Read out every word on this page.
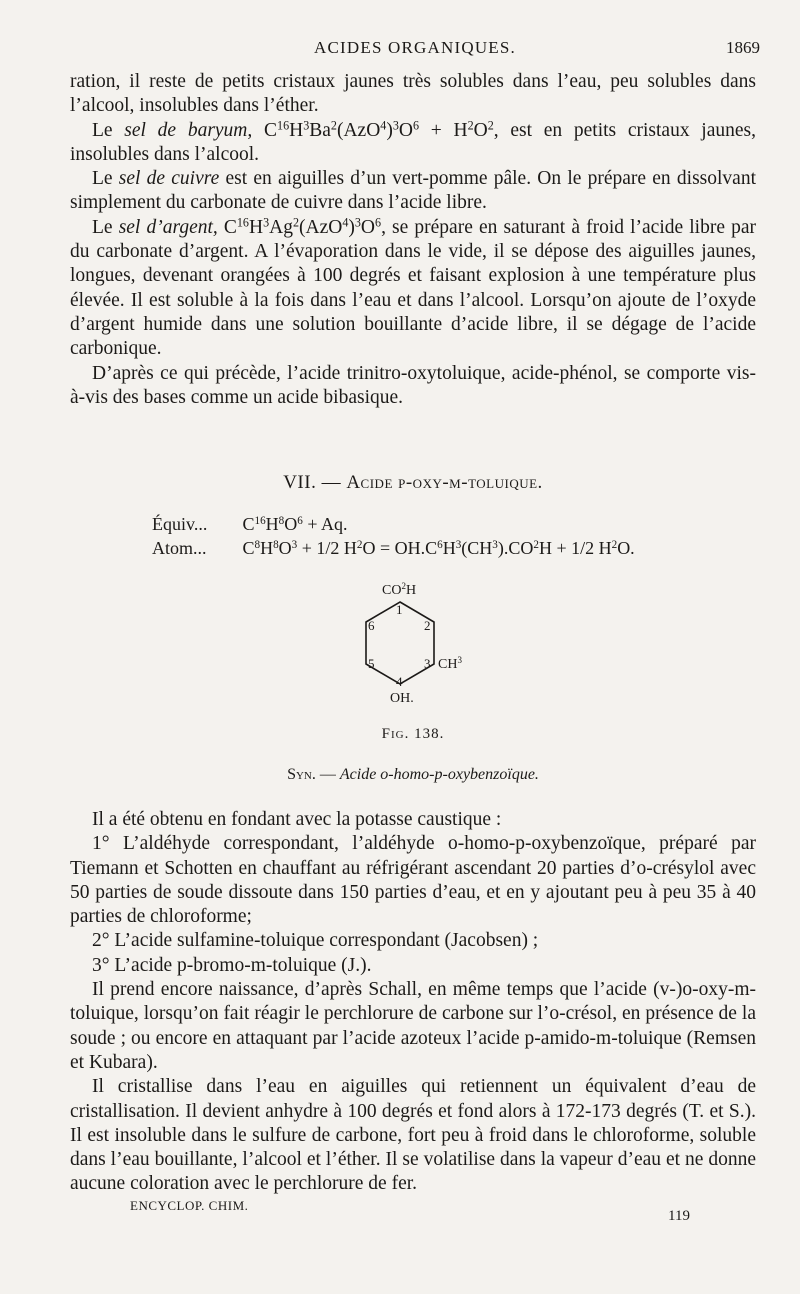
ACIDES ORGANIQUES.	1869

ration, il reste de petits cristaux jaunes très solubles dans l’eau, peu solubles dans l’alcool, insolubles dans l’éther.

Le sel de baryum, $C^{16}H^3Ba^2(AzO^4)^3O^6 + H^2O^2$, est en petits cristaux jaunes, insolubles dans l’alcool.

Le sel de cuivre est en aiguilles d’un vert-pomme pâle. On le prépare en dissolvant simplement du carbonate de cuivre dans l’acide libre.

Le sel d’argent, $C^{16}H^3Ag^2(AzO^4)^3O^6$, se prépare en saturant à froid l’acide libre par du carbonate d’argent. A l’évaporation dans le vide, il se dépose des aiguilles jaunes, longues, devenant orangées à 100 degrés et faisant explosion à une température plus élevée. Il est soluble à la fois dans l’eau et dans l’alcool. Lorsqu’on ajoute de l’oxyde d’argent humide dans une solution bouillante d’acide libre, il se dégage de l’acide carbonique.

D’après ce qui précède, l’acide trinitro-oxytoluique, acide-phénol, se comporte vis-à-vis des bases comme un acide bibasique.

VII. — Acide p-oxy-m-toluique.
Équiv... $C^{16}H^8O^6 + Aq$.
Atom... $C^8H^8O^3 + 1/2$ $H^2O = OH.C^6H^3(CH^3).CO^2H + 1/2$ $H^2O$.
$CO^2H$
1
2
3
4
5
6
$CH^3$
OH.
Fig. 138.
Syn. — Acide o-homo-p-oxybenzoïque.

Il a été obtenu en fondant avec la potasse caustique :

1° L’aldéhyde correspondant, l’aldéhyde o-homo-p-oxybenzoïque, préparé par Tiemann et Schotten en chauffant au réfrigérant ascendant 20 parties d’o-crésylol avec 50 parties de soude dissoute dans 150 parties d’eau, et en y ajoutant peu à peu 35 à 40 parties de chloroforme;

2° L’acide sulfamine-toluique correspondant (Jacobsen) ;

3° L’acide p-bromo-m-toluique (J.).

Il prend encore naissance, d’après Schall, en même temps que l’acide (v-)o-oxy-m-toluique, lorsqu’on fait réagir le perchlorure de carbone sur l’o-crésol, en présence de la soude ; ou encore en attaquant par l’acide azoteux l’acide p-amido-m-toluique (Remsen et Kubara).

Il cristallise dans l’eau en aiguilles qui retiennent un équivalent d’eau de cristallisation. Il devient anhydre à 100 degrés et fond alors à 172-173 degrés (T. et S.). Il est insoluble dans le sulfure de carbone, fort peu à froid dans le chloroforme, soluble dans l’eau bouillante, l’alcool et l’éther. Il se volatilise dans la vapeur d’eau et ne donne aucune coloration avec le perchlorure de fer.

ENCYCLOP. CHIM.
119
